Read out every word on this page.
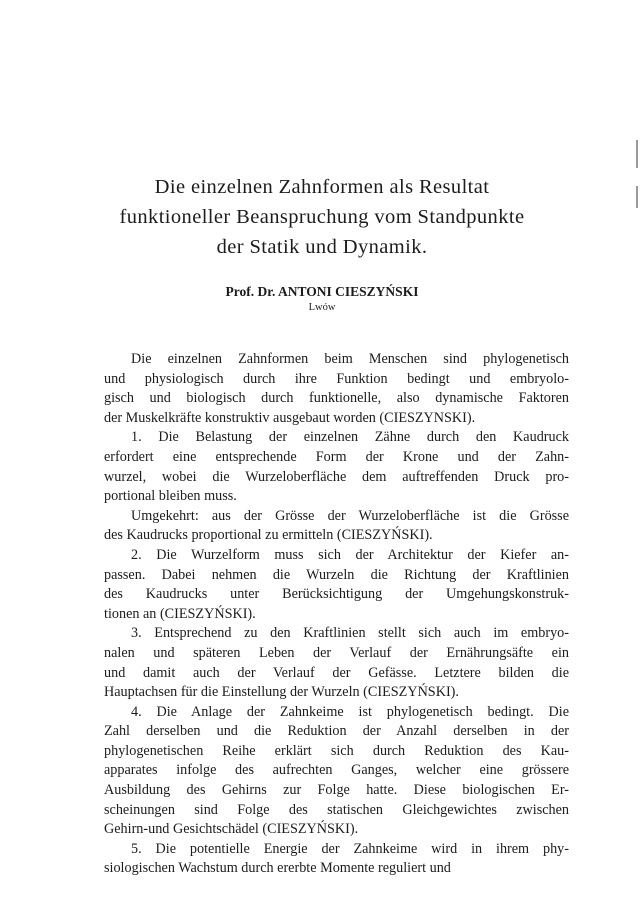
Die einzelnen Zahnformen als Resultat
funktioneller Beanspruchung vom Standpunkte
der Statik und Dynamik.
Prof. Dr. ANTONI CIESZYŃSKI
Lwów
Die einzelnen Zahnformen beim Menschen sind phylogenetisch
und physiologisch durch ihre Funktion bedingt und embryolo-
gisch und biologisch durch funktionelle, also dynamische Faktoren
der Muskelkräfte konstruktiv ausgebaut worden (CIESZYNSKI).
1. Die Belastung der einzelnen Zähne durch den Kaudruck
erfordert eine entsprechende Form der Krone und der Zahn-
wurzel, wobei die Wurzeloberfläche dem auftreffenden Druck pro-
portional bleiben muss.
Umgekehrt: aus der Grösse der Wurzeloberfläche ist die Grösse
des Kaudrucks proportional zu ermitteln (CIESZYŃSKI).
2. Die Wurzelform muss sich der Architektur der Kiefer an-
passen. Dabei nehmen die Wurzeln die Richtung der Kraftlinien
des Kaudrucks unter Berücksichtigung der Umgehungskonstruk-
tionen an (CIESZYŃSKI).
3. Entsprechend zu den Kraftlinien stellt sich auch im embryo-
nalen und späteren Leben der Verlauf der Ernährungsäfte ein
und damit auch der Verlauf der Gefässe. Letztere bilden die
Hauptachsen für die Einstellung der Wurzeln (CIESZYŃSKI).
4. Die Anlage der Zahnkeime ist phylogenetisch bedingt. Die
Zahl derselben und die Reduktion der Anzahl derselben in der
phylogenetischen Reihe erklärt sich durch Reduktion des Kau-
apparates infolge des aufrechten Ganges, welcher eine grössere
Ausbildung des Gehirns zur Folge hatte. Diese biologischen Er-
scheinungen sind Folge des statischen Gleichgewichtes zwischen
Gehirn-und Gesichtschädel (CIESZYŃSKI).
5. Die potentielle Energie der Zahnkeime wird in ihrem phy-
siologischen Wachstum durch ererbte Momente reguliert und
